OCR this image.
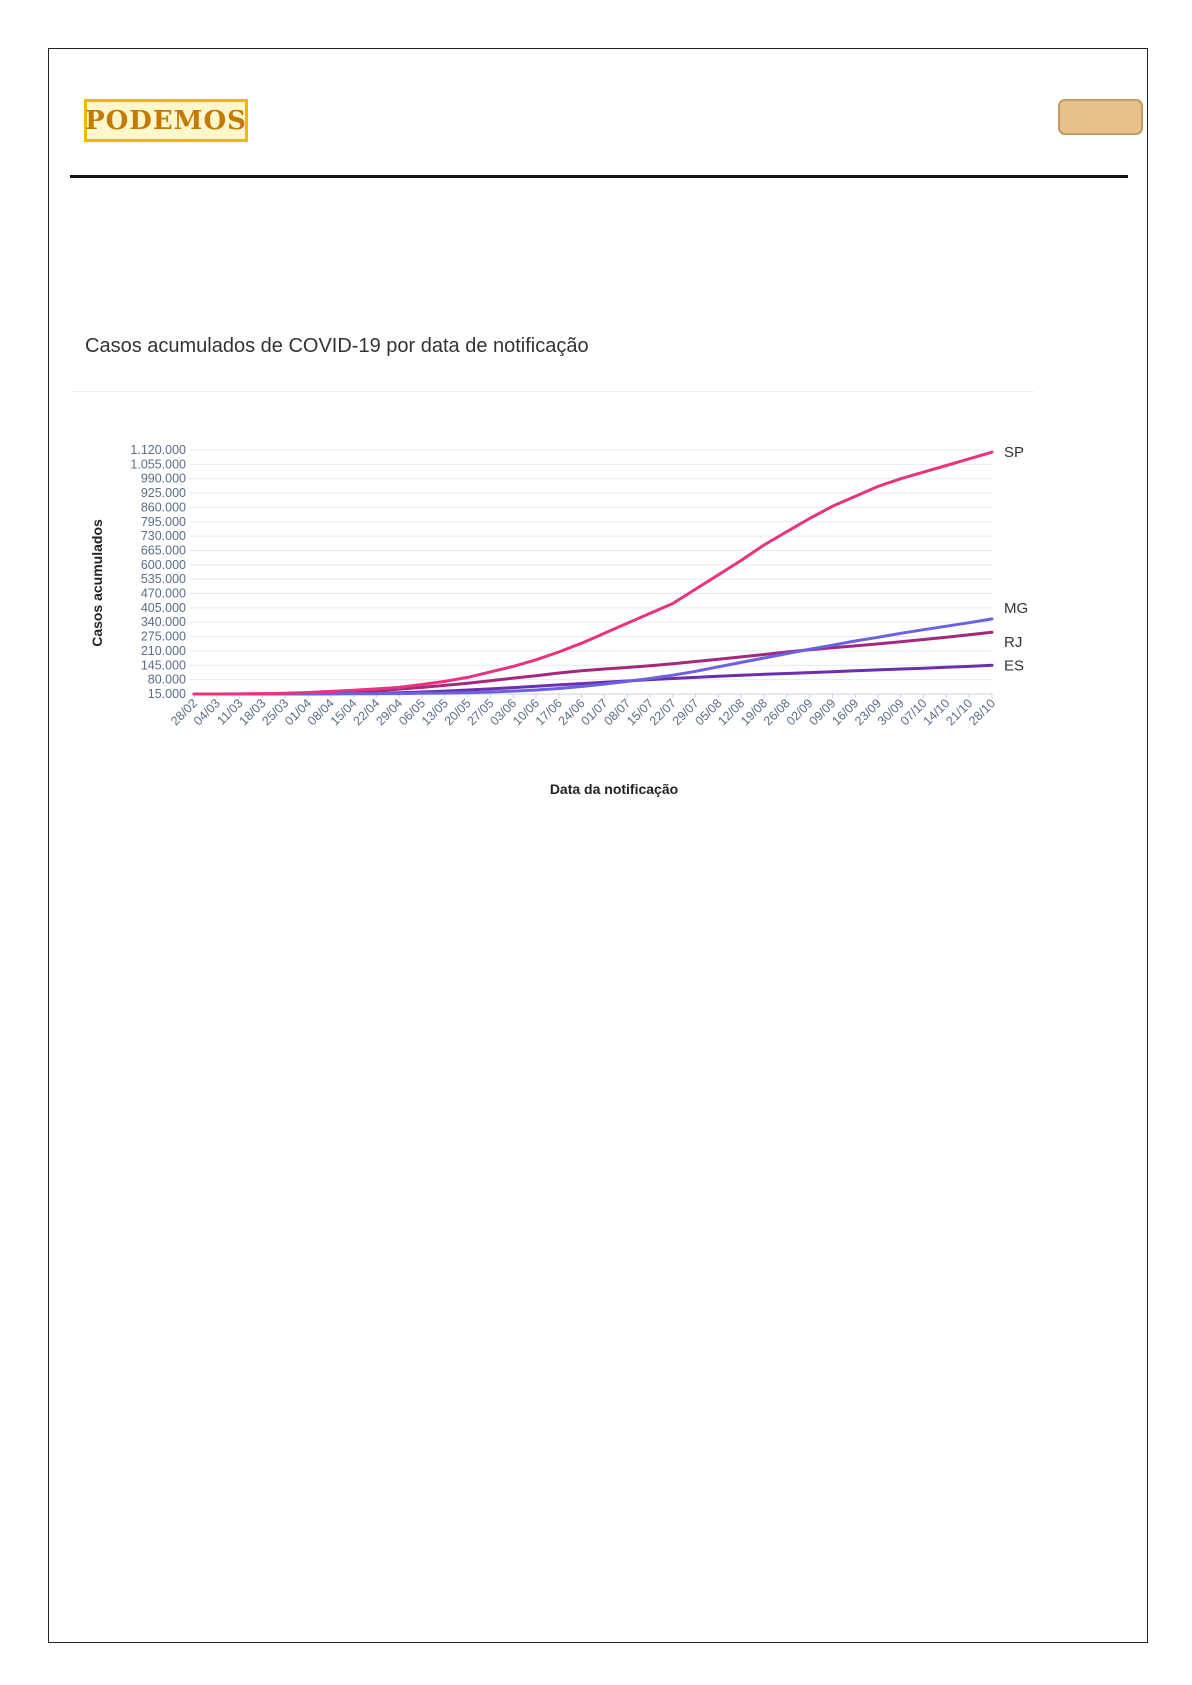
PODEMOS
Casos acumulados de COVID-19 por data de notificação
1.120.000
1.055.000
990.000
925.000
860.000
795.000
730.000
665.000
600.000
535.000
470.000
405.000
340.000
275.000
210.000
145.000
80.000
15.000
28/02
04/03
11/03
18/03
25/03
01/04
08/04
15/04
22/04
29/04
06/05
13/05
20/05
27/05
03/06
10/06
17/06
24/06
01/07
08/07
15/07
22/07
29/07
05/08
12/08
19/08
26/08
02/09
09/09
16/09
23/09
30/09
07/10
14/10
21/10
28/10
SP
MG
RJ
ES
Casos acumulados
Data da notificação
